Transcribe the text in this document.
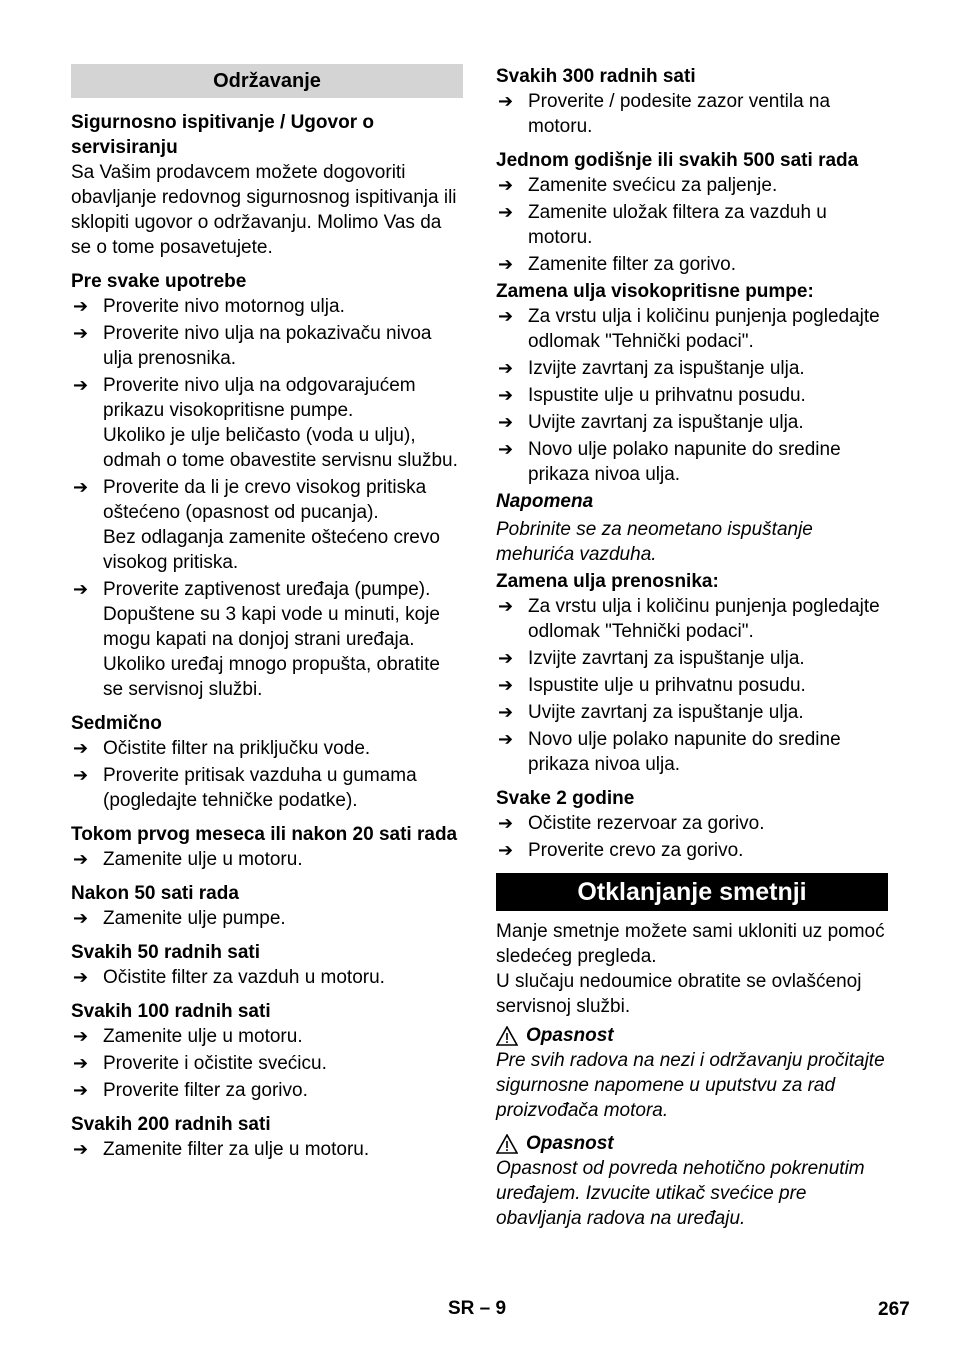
Održavanje
Sigurnosno ispitivanje / Ugovor o servisiranju

Sa Vašim prodavcem možete dogovoriti obavljanje redovnog sigurnosnog ispitivanja ili sklopiti ugovor o održavanju. Molimo Vas da se o tome posavetujete.

Pre svake upotrebe
➔ Proverite nivo motornog ulja.
➔ Proverite nivo ulja na pokazivaču nivoa ulja prenosnika.
➔ Proverite nivo ulja na odgovarajućem prikazu visokopritisne pumpe.
Ukoliko je ulje beličasto (voda u ulju), odmah o tome obavestite servisnu službu.
➔ Proverite da li je crevo visokog pritiska oštećeno (opasnost od pucanja).
Bez odlaganja zamenite oštećeno crevo visokog pritiska.
➔ Proverite zaptivenost uređaja (pumpe).
Dopuštene su 3 kapi vode u minuti, koje mogu kapati na donjoj strani uređaja. Ukoliko uređaj mnogo propušta, obratite se servisnoj službi.
Sedmično
➔ Očistite filter na priključku vode.
➔ Proverite pritisak vazduha u gumama (pogledajte tehničke podatke).
Tokom prvog meseca ili nakon 20 sati rada
➔ Zamenite ulje u motoru.
Nakon 50 sati rada
➔ Zamenite ulje pumpe.
Svakih 50 radnih sati
➔ Očistite filter za vazduh u motoru.
Svakih 100 radnih sati
➔ Zamenite ulje u motoru.
➔ Proverite i očistite svećicu.
➔ Proverite filter za gorivo.
Svakih 200 radnih sati
➔ Zamenite filter za ulje u motoru.
Svakih 300 radnih sati
➔ Proverite / podesite zazor ventila na motoru.
Jednom godišnje ili svakih 500 sati rada
➔ Zamenite svećicu za paljenje.
➔ Zamenite uložak filtera za vazduh u motoru.
➔ Zamenite filter za gorivo.
Zamena ulja visokopritisne pumpe:
➔ Za vrstu ulja i količinu punjenja pogledajte odlomak "Tehnički podaci".
➔ Izvijte zavrtanj za ispuštanje ulja.
➔ Ispustite ulje u prihvatnu posudu.
➔ Uvijte zavrtanj za ispuštanje ulja.
➔ Novo ulje polako napunite do sredine prikaza nivoa ulja.
Napomena

Pobrinite se za neometano ispuštanje mehurića vazduha.

Zamena ulja prenosnika:
➔ Za vrstu ulja i količinu punjenja pogledajte odlomak "Tehnički podaci".
➔ Izvijte zavrtanj za ispuštanje ulja.
➔ Ispustite ulje u prihvatnu posudu.
➔ Uvijte zavrtanj za ispuštanje ulja.
➔ Novo ulje polako napunite do sredine prikaza nivoa ulja.
Svake 2 godine
➔ Očistite rezervoar za gorivo.
➔ Proverite crevo za gorivo.
Otklanjanje smetnji

Manje smetnje možete sami ukloniti uz pomoć sledećeg pregleda.

U slučaju nedoumice obratite se ovlašćenoj servisnoj službi.

Opasnost

Pre svih radova na nezi i održavanju pročitajte sigurnosne napomene u uputstvu za rad proizvođača motora.

Opasnost

Opasnost od povreda nehotično pokrenutim uređajem. Izvucite utikač svećice pre obavljanja radova na uređaju.

SR – 9	267
